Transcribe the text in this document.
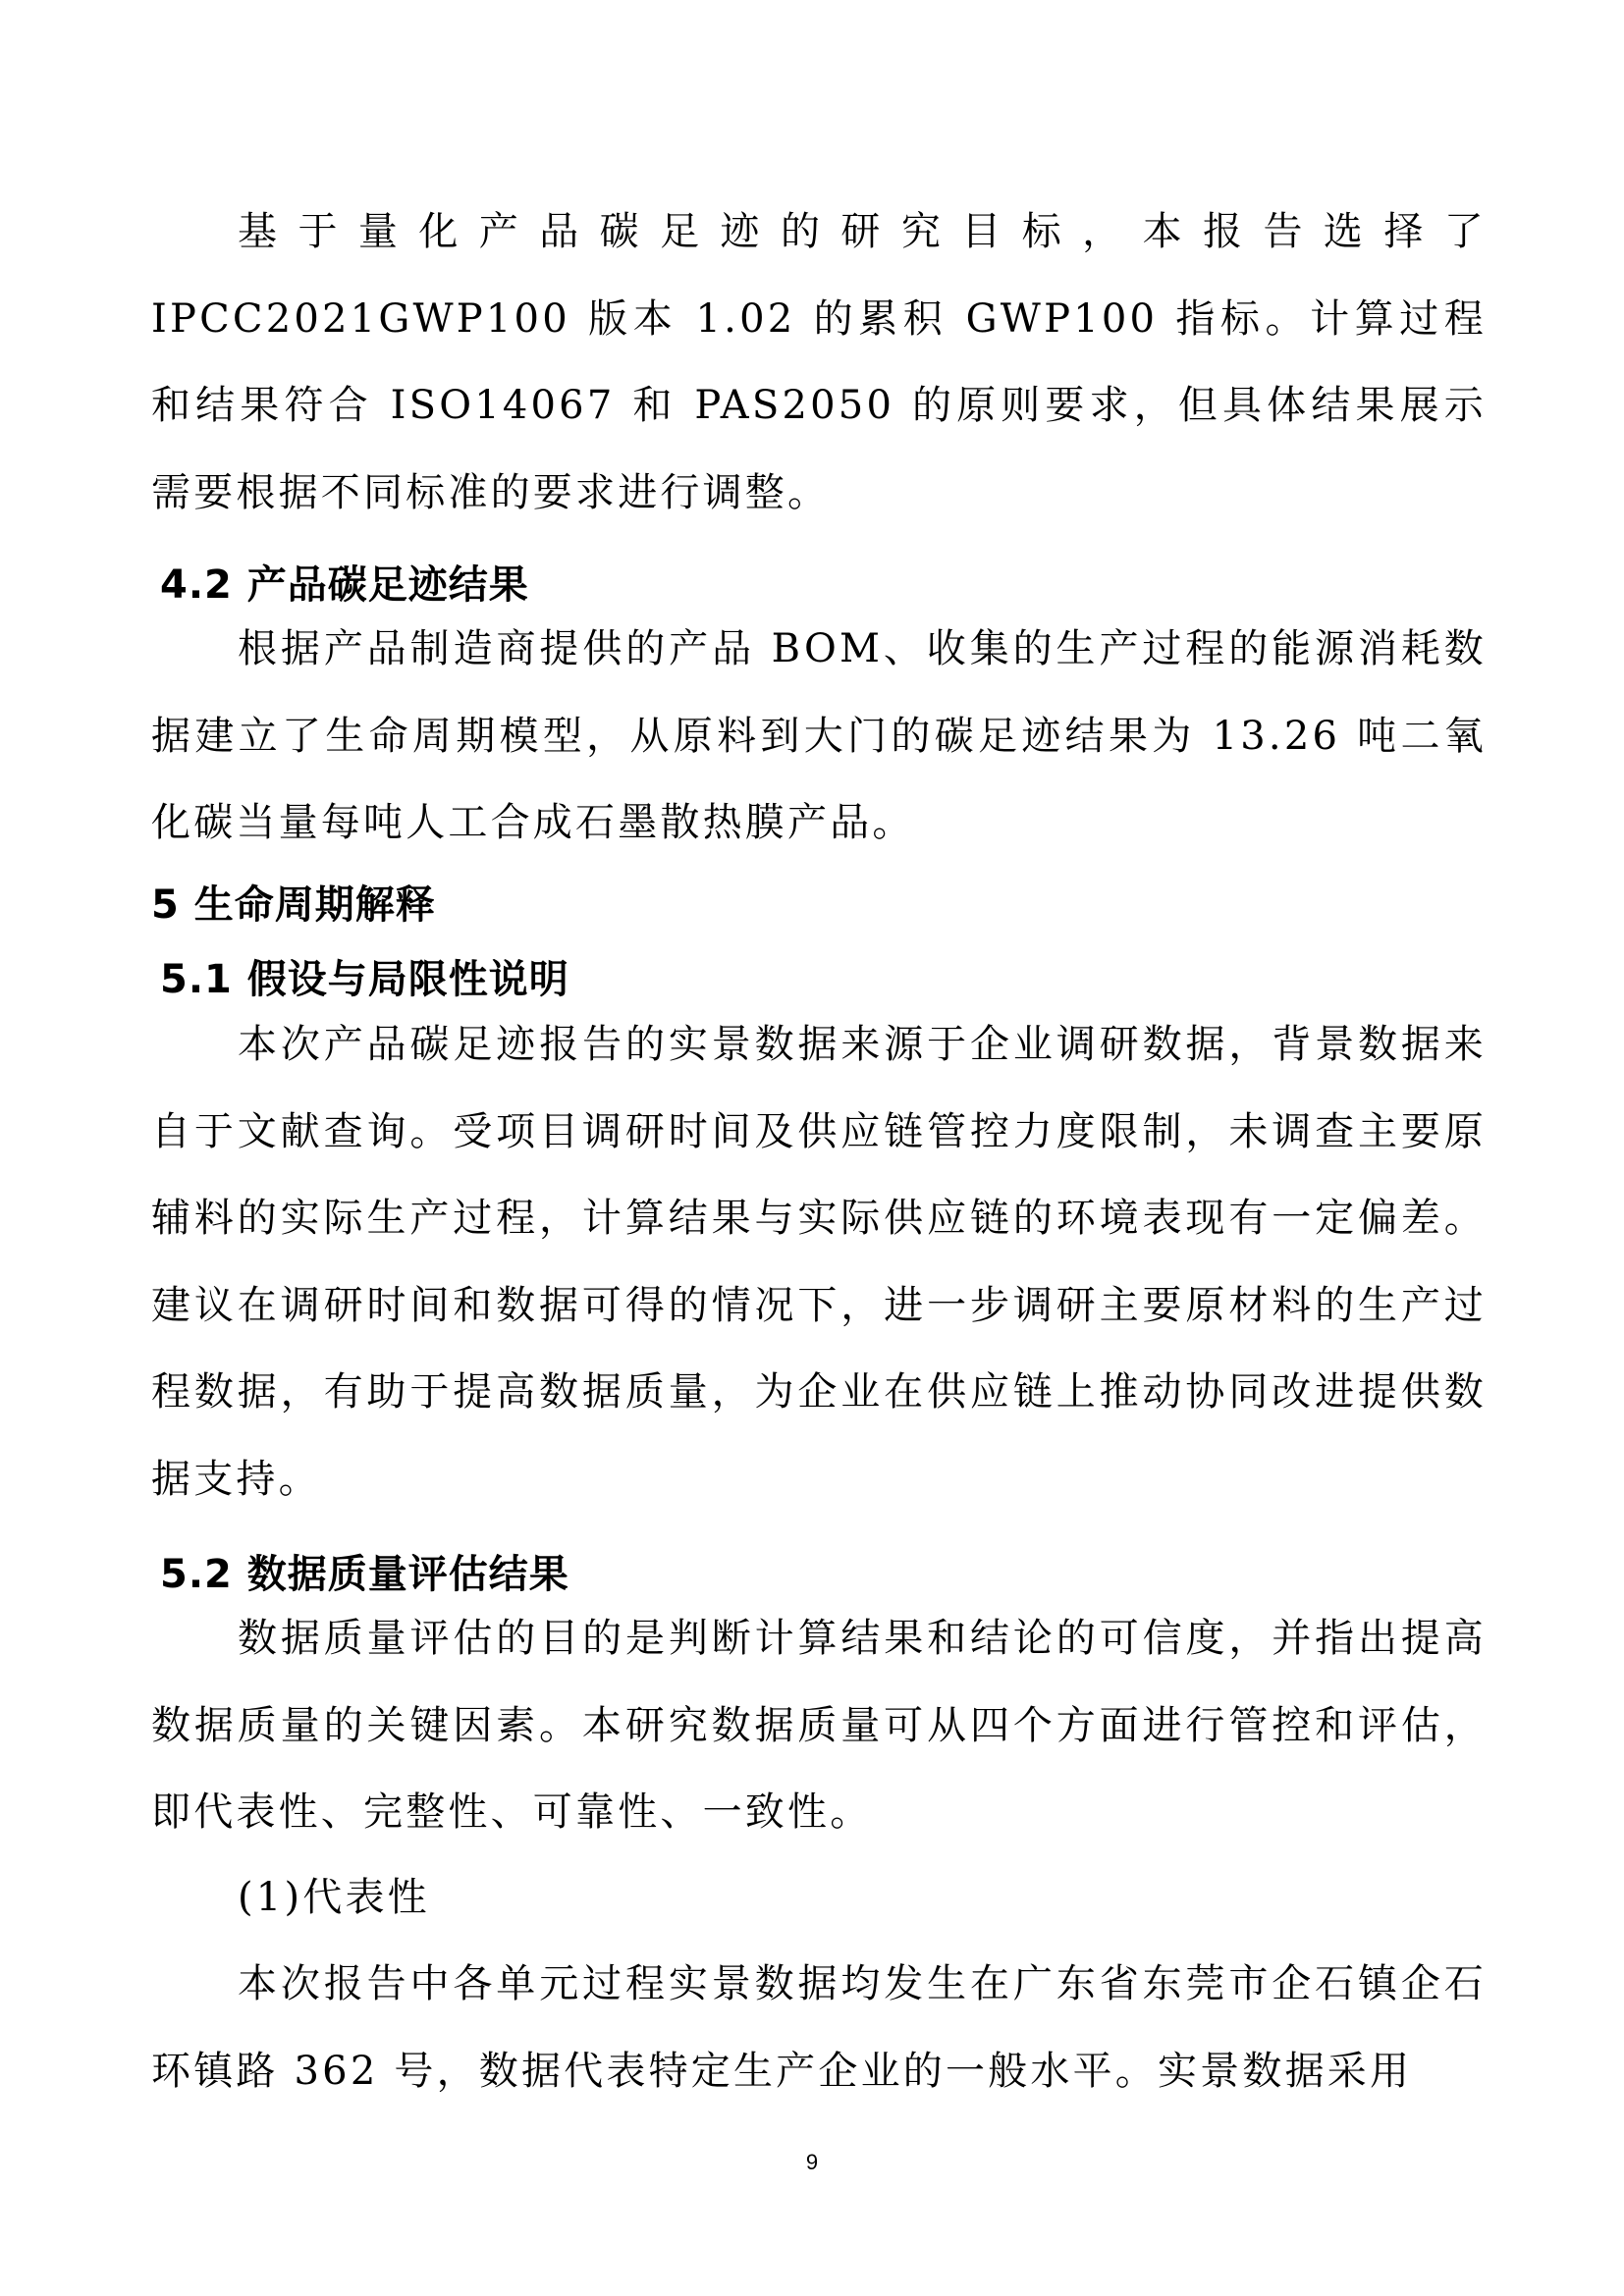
基于量化产品碳足迹的研究目标，本报告选择了 IPCC2021GWP100 版本 1.02 的累积 GWP100 指标。计算过程和结果符合 ISO14067 和 PAS2050 的原则要求，但具体结果展示需要根据不同标准的要求进行调整。

4.2 产品碳足迹结果

根据产品制造商提供的产品 BOM、收集的生产过程的能源消耗数据建立了生命周期模型，从原料到大门的碳足迹结果为 13.26 吨二氧化碳当量每吨人工合成石墨散热膜产品。

5 生命周期解释
5.1 假设与局限性说明

本次产品碳足迹报告的实景数据来源于企业调研数据，背景数据来自于文献查询。受项目调研时间及供应链管控力度限制，未调查主要原辅料的实际生产过程，计算结果与实际供应链的环境表现有一定偏差。建议在调研时间和数据可得的情况下，进一步调研主要原材料的生产过程数据，有助于提高数据质量，为企业在供应链上推动协同改进提供数据支持。

5.2 数据质量评估结果

数据质量评估的目的是判断计算结果和结论的可信度，并指出提高数据质量的关键因素。本研究数据质量可从四个方面进行管控和评估，即代表性、完整性、可靠性、一致性。

(1)代表性

本次报告中各单元过程实景数据均发生在广东省东莞市企石镇企石环镇路 362 号，数据代表特定生产企业的一般水平。实景数据采用

9
